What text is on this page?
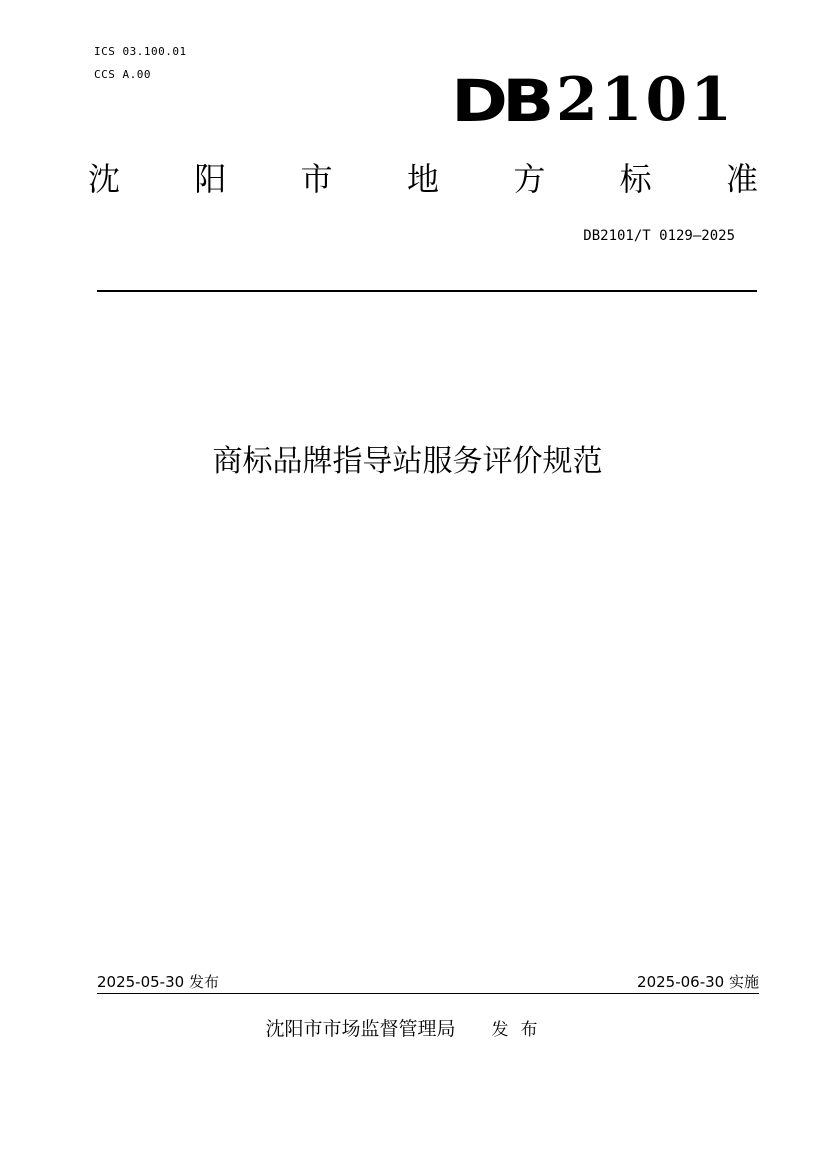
ICS 03.100.01
CCS A.00	DB 2101
沈 阳 市 地 方 标 准
DB2101/T 0129—2025
商标品牌指导站服务评价规范
2025-05-30 发布	2025-06-30 实施
沈阳市市场监督管理局 发布
